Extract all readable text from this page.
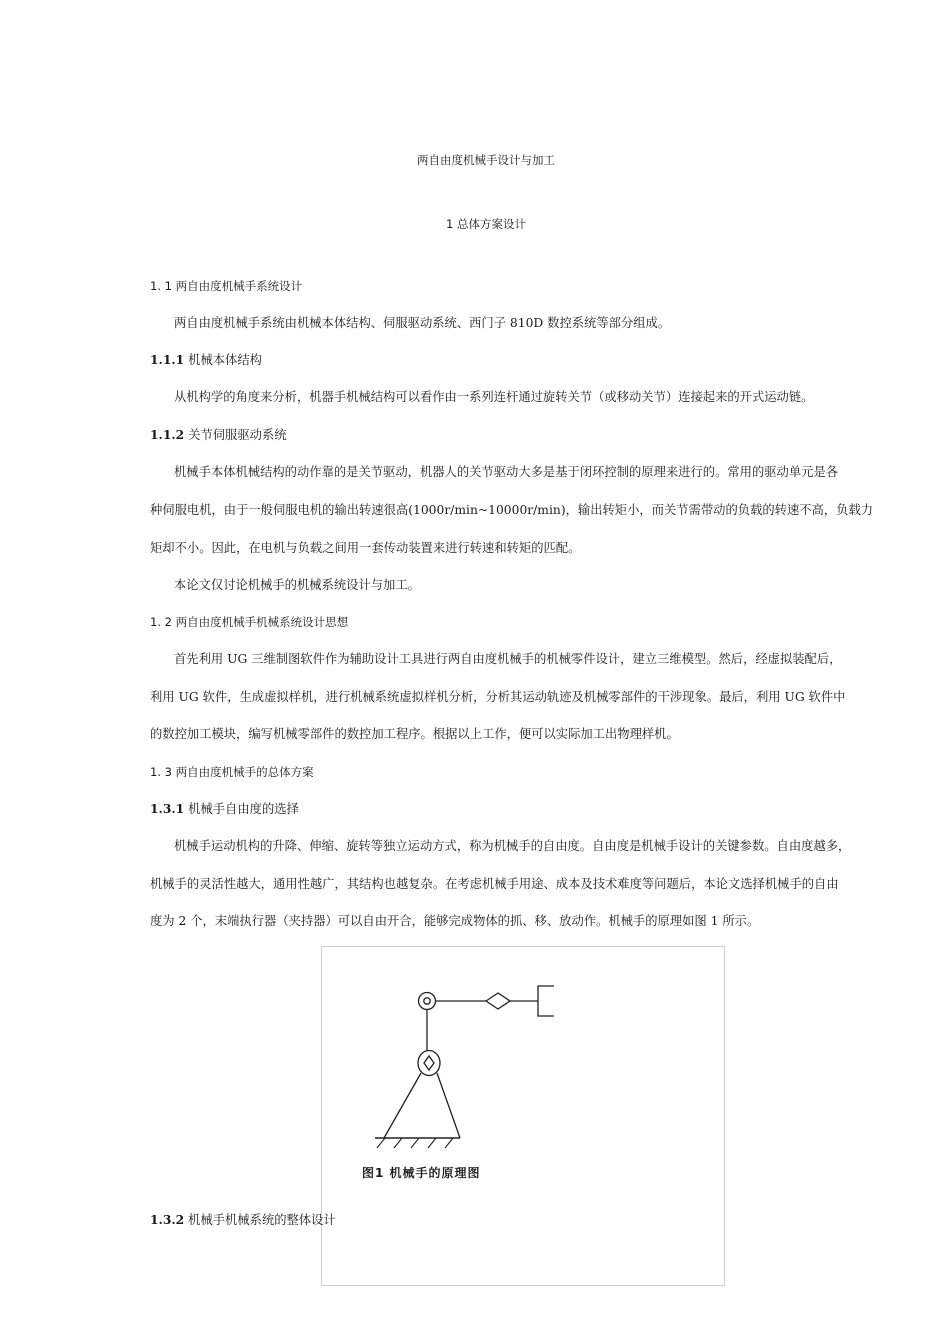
两自由度机械手设计与加工
1 总体方案设计
1. 1 两自由度机械手系统设计
两自由度机械手系统由机械本体结构、伺服驱动系统、西门子 810D 数控系统等部分组成。
1.1.1 机械本体结构
从机构学的角度来分析，机器手机械结构可以看作由一系列连杆通过旋转关节（或移动关节）连接起来的开式运动链。
1.1.2 关节伺服驱动系统
机械手本体机械结构的动作靠的是关节驱动，机器人的关节驱动大多是基于闭环控制的原理来进行的。常用的驱动单元是各
种伺服电机，由于一般伺服电机的输出转速很高(1000r/min~10000r/min)，输出转矩小，而关节需带动的负载的转速不高，负载力
矩却不小。因此，在电机与负载之间用一套传动装置来进行转速和转矩的匹配。
本论文仅讨论机械手的机械系统设计与加工。
1. 2 两自由度机械手机械系统设计思想
首先利用 UG 三维制图软件作为辅助设计工具进行两自由度机械手的机械零件设计，建立三维模型。然后，经虚拟装配后，
利用 UG 软件，生成虚拟样机，进行机械系统虚拟样机分析，分析其运动轨迹及机械零部件的干涉现象。最后，利用 UG 软件中
的数控加工模块，编写机械零部件的数控加工程序。根据以上工作，便可以实际加工出物理样机。
1. 3 两自由度机械手的总体方案
1.3.1 机械手自由度的选择
机械手运动机构的升降、伸缩、旋转等独立运动方式，称为机械手的自由度。自由度是机械手设计的关键参数。自由度越多，
机械手的灵活性越大，通用性越广，其结构也越复杂。在考虑机械手用途、成本及技术难度等问题后，本论文选择机械手的自由
度为 2 个，末端执行器（夹持器）可以自由开合，能够完成物体的抓、移、放动作。机械手的原理如图 1 所示。
图1 机械手的原理图
1.3.2 机械手机械系统的整体设计
